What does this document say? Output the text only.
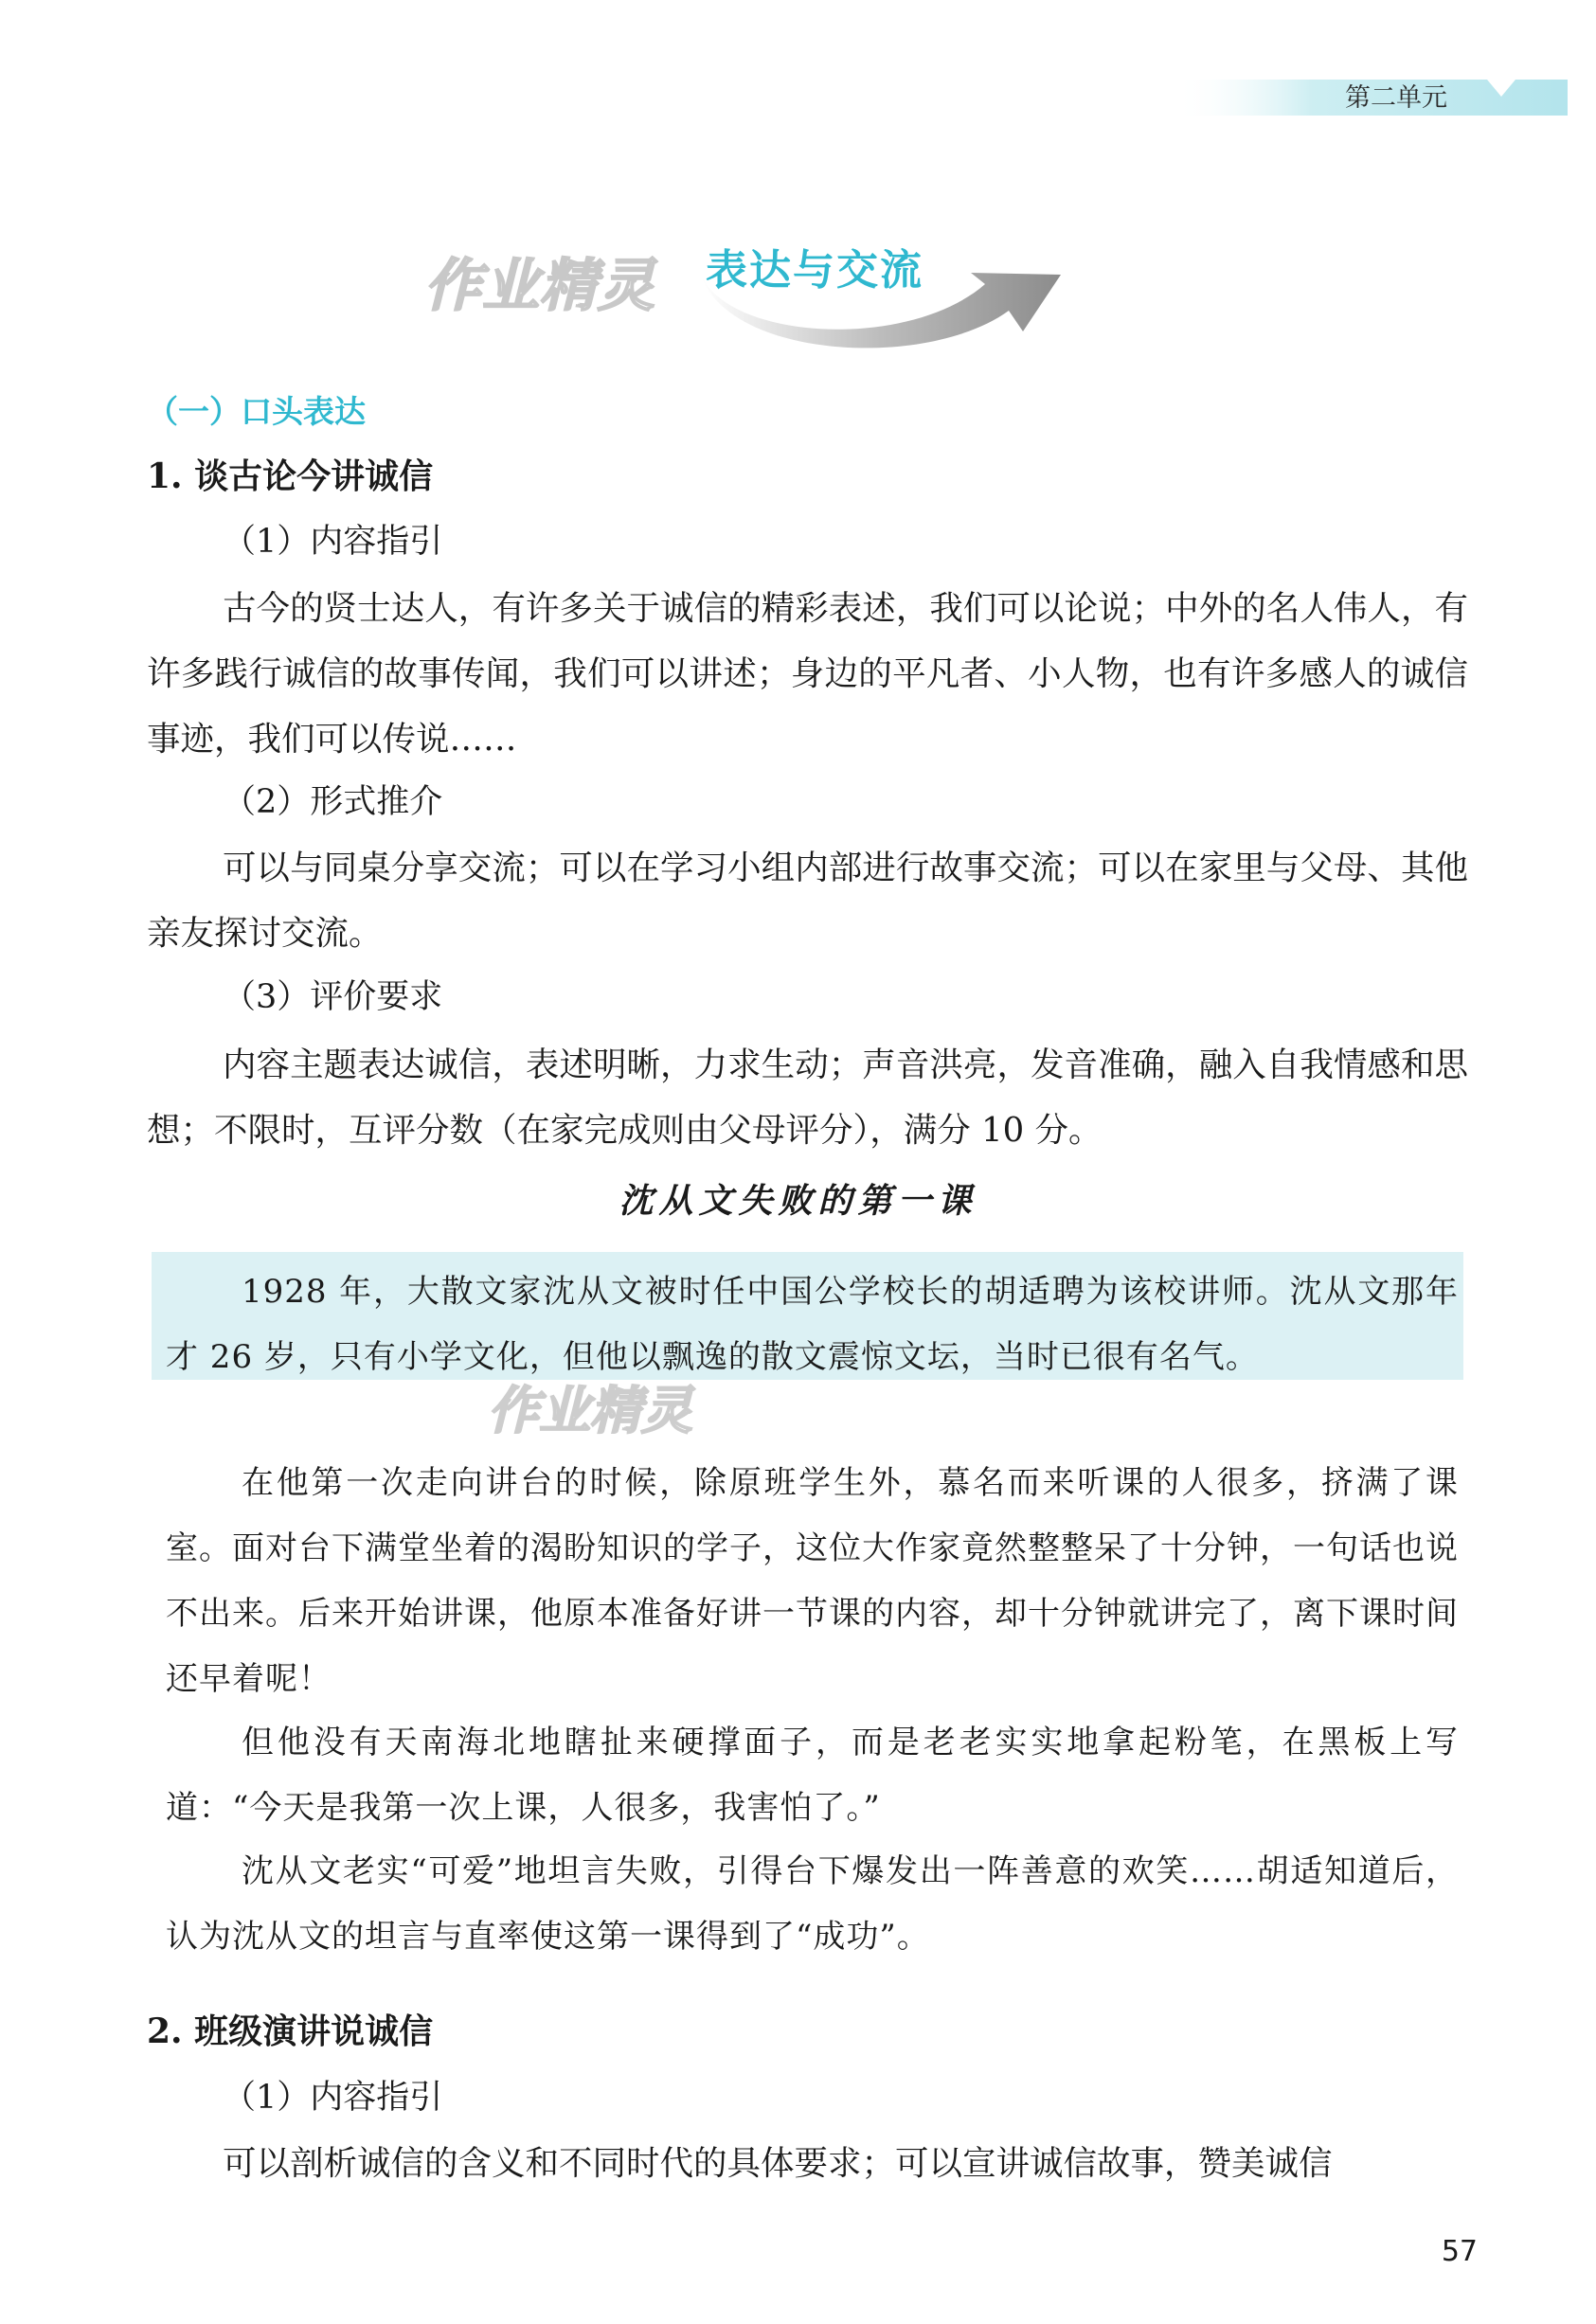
第二单元
作业精灵	表达与交流
（一）口头表达
1. 谈古论今讲诚信
（1）内容指引

古今的贤士达人，有许多关于诚信的精彩表述，我们可以论说；中外的名人伟人，有许多践行诚信的故事传闻，我们可以讲述；身边的平凡者、小人物，也有许多感人的诚信事迹，我们可以传说……

（2）形式推介

可以与同桌分享交流；可以在学习小组内部进行故事交流；可以在家里与父母、其他亲友探讨交流。

（3）评价要求

内容主题表达诚信，表述明晰，力求生动；声音洪亮，发音准确，融入自我情感和思想；不限时，互评分数（在家完成则由父母评分），满分 10 分。

沈从文失败的第一课

1928 年，大散文家沈从文被时任中国公学校长的胡适聘为该校讲师。沈从文那年才 26 岁，只有小学文化，但他以飘逸的散文震惊文坛，当时已很有名气。

作业精灵

在他第一次走向讲台的时候，除原班学生外，慕名而来听课的人很多，挤满了课室。面对台下满堂坐着的渴盼知识的学子，这位大作家竟然整整呆了十分钟，一句话也说不出来。后来开始讲课，他原本准备好讲一节课的内容，却十分钟就讲完了，离下课时间还早着呢！

但他没有天南海北地瞎扯来硬撑面子，而是老老实实地拿起粉笔，在黑板上写道：“今天是我第一次上课，人很多，我害怕了。”

沈从文老实“可爱”地坦言失败，引得台下爆发出一阵善意的欢笑……胡适知道后，认为沈从文的坦言与直率使这第一课得到了“成功”。

2. 班级演讲说诚信
（1）内容指引

可以剖析诚信的含义和不同时代的具体要求；可以宣讲诚信故事，赞美诚信

57
